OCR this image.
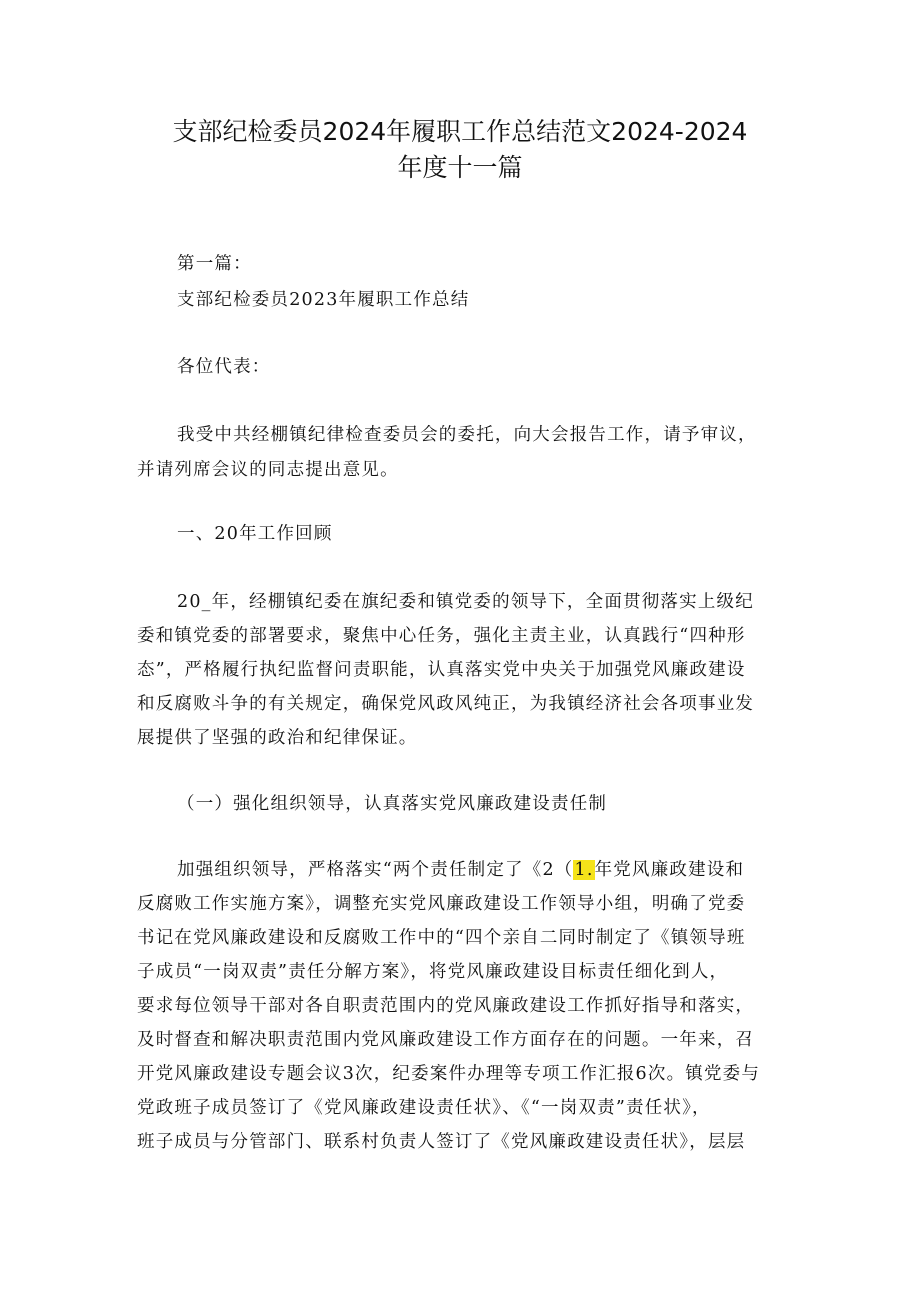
支部纪检委员2024年履职工作总结范文2024-2024
年度十一篇
第一篇：
支部纪检委员2023年履职工作总结
各位代表：
我受中共经棚镇纪律检查委员会的委托，向大会报告工作，请予审议，
并请列席会议的同志提出意见。
一、20年工作回顾
20_年，经棚镇纪委在旗纪委和镇党委的领导下，全面贯彻落实上级纪
委和镇党委的部署要求，聚焦中心任务，强化主责主业，认真践行“四种形
态”，严格履行执纪监督问责职能，认真落实党中央关于加强党风廉政建设
和反腐败斗争的有关规定，确保党风政风纯正，为我镇经济社会各项事业发
展提供了坚强的政治和纪律保证。
（一）强化组织领导，认真落实党风廉政建设责任制
加强组织领导，严格落实“两个责任制定了《2（1.年党风廉政建设和
反腐败工作实施方案》，调整充实党风廉政建设工作领导小组，明确了党委
书记在党风廉政建设和反腐败工作中的“四个亲自二同时制定了《镇领导班
子成员“一岗双责”责任分解方案》，将党风廉政建设目标责任细化到人，
要求每位领导干部对各自职责范围内的党风廉政建设工作抓好指导和落实，
及时督查和解决职责范围内党风廉政建设工作方面存在的问题。一年来，召
开党风廉政建设专题会议3次，纪委案件办理等专项工作汇报6次。镇党委与
党政班子成员签订了《党风廉政建设责任状》、《“一岗双责”责任状》，
班子成员与分管部门、联系村负责人签订了《党风廉政建设责任状》，层层
